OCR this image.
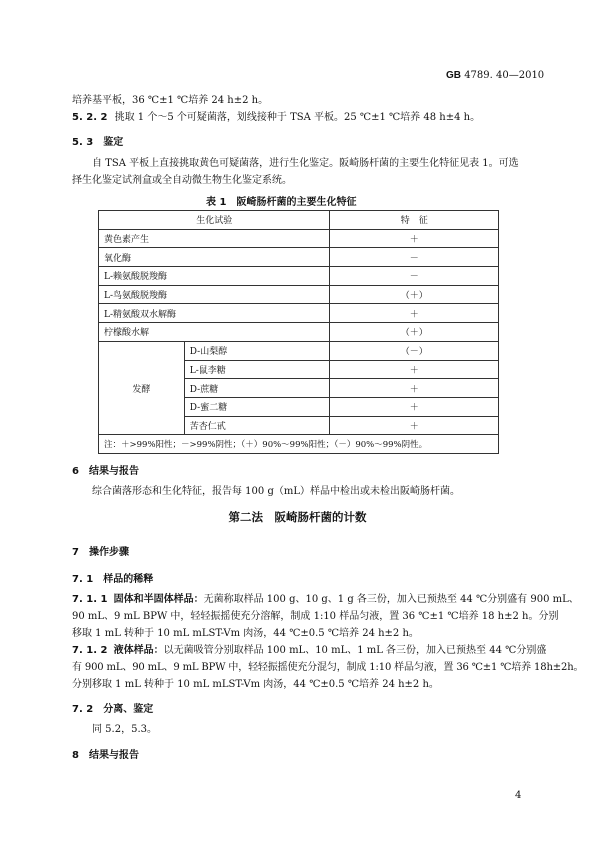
GB 4789. 40—2010
培养基平板，36 ℃±1 ℃培养 24 h±2 h。
5. 2. 2 挑取 1 个～5 个可疑菌落，划线接种于 TSA 平板。25 ℃±1 ℃培养 48 h±4 h。
5. 3　鉴定
自 TSA 平板上直接挑取黄色可疑菌落，进行生化鉴定。阪崎肠杆菌的主要生化特征见表 1。可选
择生化鉴定试剂盒或全自动微生物生化鉴定系统。
表 1　阪崎肠杆菌的主要生化特征
生化试验		特　征
黄色素产生		＋
氧化酶		－
L-赖氨酸脱羧酶		－
L-鸟氨酸脱羧酶		（＋）
L-精氨酸双水解酶		＋
柠檬酸水解		（＋）
发酵	D-山梨醇	（－）
	L-鼠李糖	＋
	D-蔗糖	＋
	D-蜜二糖	＋
	苦杏仁甙	＋
注：＋>99%阳性；－>99%阴性；（＋）90%～99%阳性；（－）90%～99%阴性。		
6　结果与报告
综合菌落形态和生化特征，报告每 100 g（mL）样品中检出或未检出阪崎肠杆菌。
第二法　阪崎肠杆菌的计数
7　操作步骤
7. 1　样品的稀释
7. 1. 1 固体和半固体样品：无菌称取样品 100 g、10 g、1 g 各三份，加入已预热至 44 ℃分别盛有 900 mL、
90 mL、9 mL BPW 中，轻轻振摇使充分溶解，制成 1:10 样品匀液，置 36 ℃±1 ℃培养 18 h±2 h。分别
移取 1 mL 转种于 10 mL mLST-Vm 肉汤，44 ℃±0.5 ℃培养 24 h±2 h。
7. 1. 2 液体样品：以无菌吸管分别取样品 100 mL、10 mL、1 mL 各三份，加入已预热至 44 ℃分别盛
有 900 mL、90 mL、9 mL BPW 中，轻轻振摇使充分混匀，制成 1:10 样品匀液，置 36 ℃±1 ℃培养 18h±2h。
分别移取 1 mL 转种于 10 mL mLST-Vm 肉汤，44 ℃±0.5 ℃培养 24 h±2 h。
7. 2　分离、鉴定
同 5.2，5.3。
8　结果与报告
4
